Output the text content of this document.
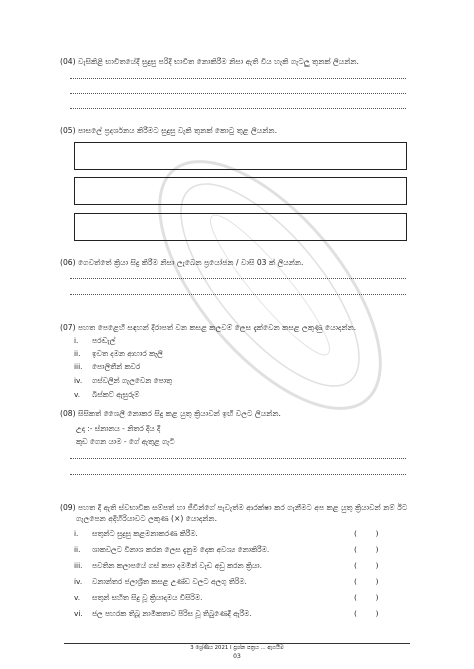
(04) වැසිකිළි භාවිතයේදී සුදුසු පරිදි භාවිත නොකිරීම නිසා ඇති විය හැකි ගැටලු තුනක් ලියන්න.
(05) පාසලේ ප්‍රදර්ශනය කිරීමට සුදුසු වැකි තුනක් කොටු තුළ ලියන්න.
(06) ගෙවත්තේ ක්‍රියා සිදු කිරීම නිසා ලැබෙන ප්‍රයෝජන / වාසි 03 ක් ලියන්න.
(07) පහත පෙළෙහි සඳහන් දිරාපත් වන කසළ කලවම් ලෙස දැක්වෙන කසළ ලකුණු යොදන්න.
i. පරඬැල්
ii. ඉවත දමන ආහාර කෑලි
iii. පොලිතීන් කවර
iv. ගස්වලින් ගැලවෙන පොතු
v. බිස්කට් ඇසුරුම්
(08) සිසිකත් ශෛලී නොකර සිදු කළ යුතු ක්‍රියාවන් ඉඟි වලට ලියන්න.
උදා :- ස්නානය - නිතර දිය දී
කුඩ ගෙන යාම - ගේ ඇතුළ ගැටි
(09) පහත දී ඇති ස්වභාවික සම්පත් හා ජීවීන්ගේ පැවැත්ම ආරක්ෂා කර ගැනීමට අප කළ යුතු ක්‍රියාවන් නම් ඊට
ගැලපෙන අදිහිරියාවට ලකුණ (×) යොදන්න.
i. සතුන්ට සුදුසු කළමනාකරණ කිරීම.	(        )
ii. ශාකවලට විනාශ කරන ලෙස දැනුම දෙක අවශ්‍ය නොකිරීම.	(        )
iii. පවතින කලාපයේ ගස් කපා දමමින් වැඩ අඩු කරන ක්‍රියා.	(        )
iv. වනාන්තර ජලාශ්‍රිත කසළ උණ්ඩ වලට අලගු තිරිම.	(        )
v. සතුන් සහිත සිදු වූ ක්‍රියාදාමය විසිරිම.	(        )
vi. ජල පහරක තිබූ නාමිකතාව පිරිස වූ තිබුණෙදී ඇරීම.	(        )
3 ශ්‍රේණිය 2021 I ප්‍රශ්න පත්‍රය ... ඇගයීම
03
